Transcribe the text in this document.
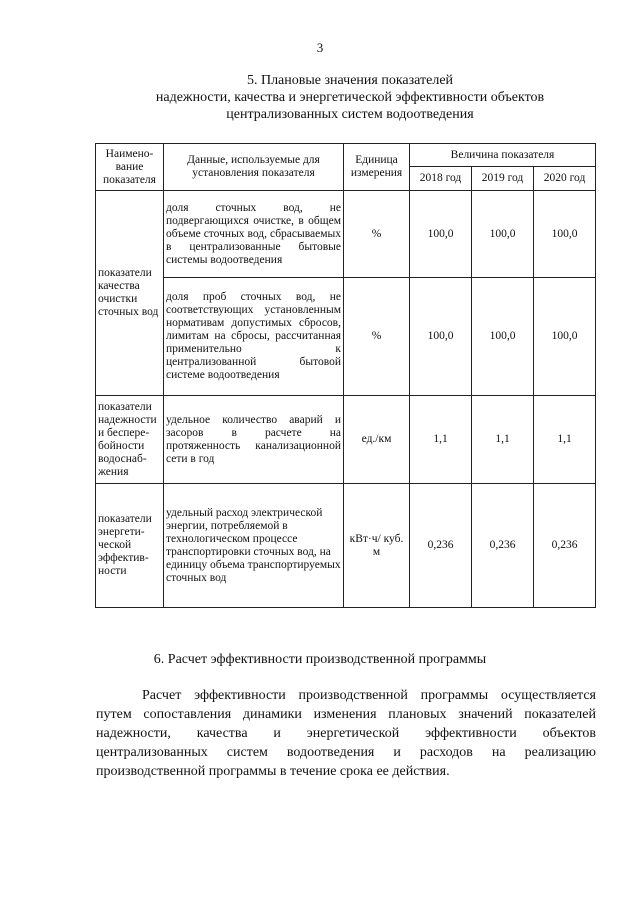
3
5. Плановые значения показателей
надежности, качества и энергетической эффективности объектов
централизованных систем водоотведения
Наимено-вание показателя	Данные, используемые для установления показателя	Единица измерения	Величина показателя		
			2018 год	2019 год	2020 год
показатели качества очистки сточных вод	доля сточных вод, не подвергающихся очистке, в общем объеме сточных вод, сбрасываемых в централизованные бытовые системы водоотведения	%	100,0	100,0	100,0
	доля проб сточных вод, не соответствующих установленным нормативам допустимых сбросов, лимитам на сбросы, рассчитанная применительно к централизованной бытовой системе водоотведения	%	100,0	100,0	100,0
показатели надежности и беспере-бойности водоснаб-жения	удельное количество аварий и засоров в расчете на протяженность канализационной сети в год	ед./км	1,1	1,1	1,1
показатели энергети-ческой эффектив-ности	удельный расход электрической энергии, потребляемой в технологическом процессе транспортировки сточных вод, на единицу объема транспортируемых сточных вод	кВт·ч/ куб. м	0,236	0,236	0,236
6. Расчет эффективности производственной программы
Расчет эффективности производственной программы осуществляется путем сопоставления динамики изменения плановых значений показателей надежности, качества и энергетической эффективности объектов централизованных систем водоотведения и расходов на реализацию производственной программы в течение срока ее действия.
